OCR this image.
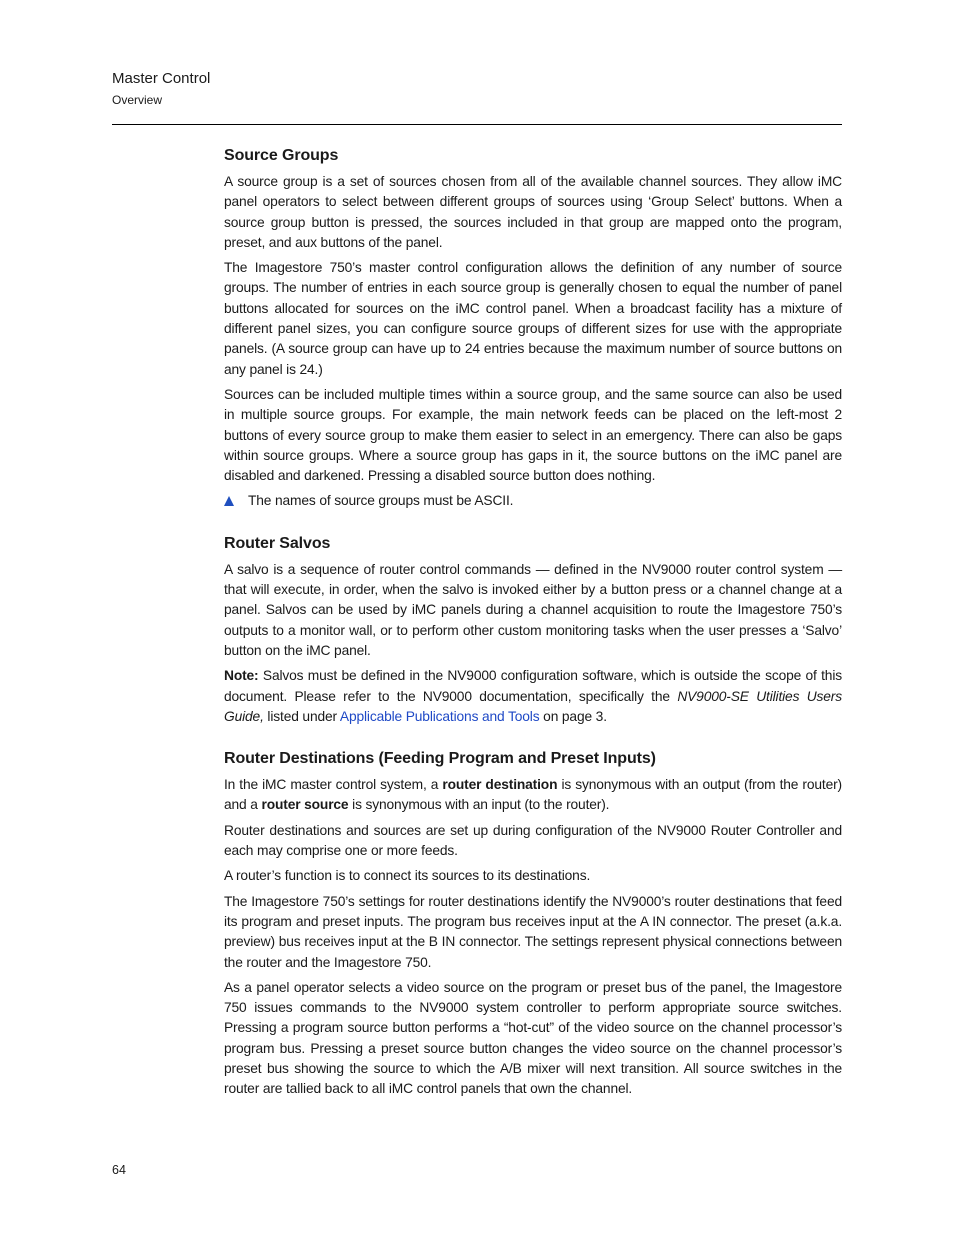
Master Control
Overview
Source Groups

A source group is a set of sources chosen from all of the available channel sources. They allow iMC panel operators to select between different groups of sources using ‘Group Select’ buttons. When a source group button is pressed, the sources included in that group are mapped onto the program, preset, and aux buttons of the panel.

The Imagestore 750’s master control configuration allows the definition of any number of source groups. The number of entries in each source group is generally chosen to equal the number of panel buttons allocated for sources on the iMC control panel. When a broadcast facility has a mixture of different panel sizes, you can configure source groups of different sizes for use with the appropriate panels. (A source group can have up to 24 entries because the maximum number of source buttons on any panel is 24.)

Sources can be included multiple times within a source group, and the same source can also be used in multiple source groups. For example, the main network feeds can be placed on the left-most 2 buttons of every source group to make them easier to select in an emergency. There can also be gaps within source groups. Where a source group has gaps in it, the source buttons on the iMC panel are disabled and darkened. Pressing a disabled source button does nothing.

The names of source groups must be ASCII.

Router Salvos

A salvo is a sequence of router control commands — defined in the NV9000 router control system — that will execute, in order, when the salvo is invoked either by a button press or a channel change at a panel. Salvos can be used by iMC panels during a channel acquisition to route the Imagestore 750’s outputs to a monitor wall, or to perform other custom monitoring tasks when the user presses a ‘Salvo’ button on the iMC panel.

Note: Salvos must be defined in the NV9000 configuration software, which is outside the scope of this document. Please refer to the NV9000 documentation, specifically the NV9000-SE Utilities Users Guide, listed under Applicable Publications and Tools on page 3.

Router Destinations (Feeding Program and Preset Inputs)

In the iMC master control system, a router destination is synonymous with an output (from the router) and a router source is synonymous with an input (to the router).

Router destinations and sources are set up during configuration of the NV9000 Router Controller and each may comprise one or more feeds.

A router’s function is to connect its sources to its destinations.

The Imagestore 750’s settings for router destinations identify the NV9000’s router destinations that feed its program and preset inputs. The program bus receives input at the A IN connector. The preset (a.k.a. preview) bus receives input at the B IN connector. The settings represent physical connections between the router and the Imagestore 750.

As a panel operator selects a video source on the program or preset bus of the panel, the Imagestore 750 issues commands to the NV9000 system controller to perform appropriate source switches. Pressing a program source button performs a “hot-cut” of the video source on the channel processor’s program bus. Pressing a preset source button changes the video source on the channel processor’s preset bus showing the source to which the A/B mixer will next transition. All source switches in the router are tallied back to all iMC control panels that own the channel.

64
